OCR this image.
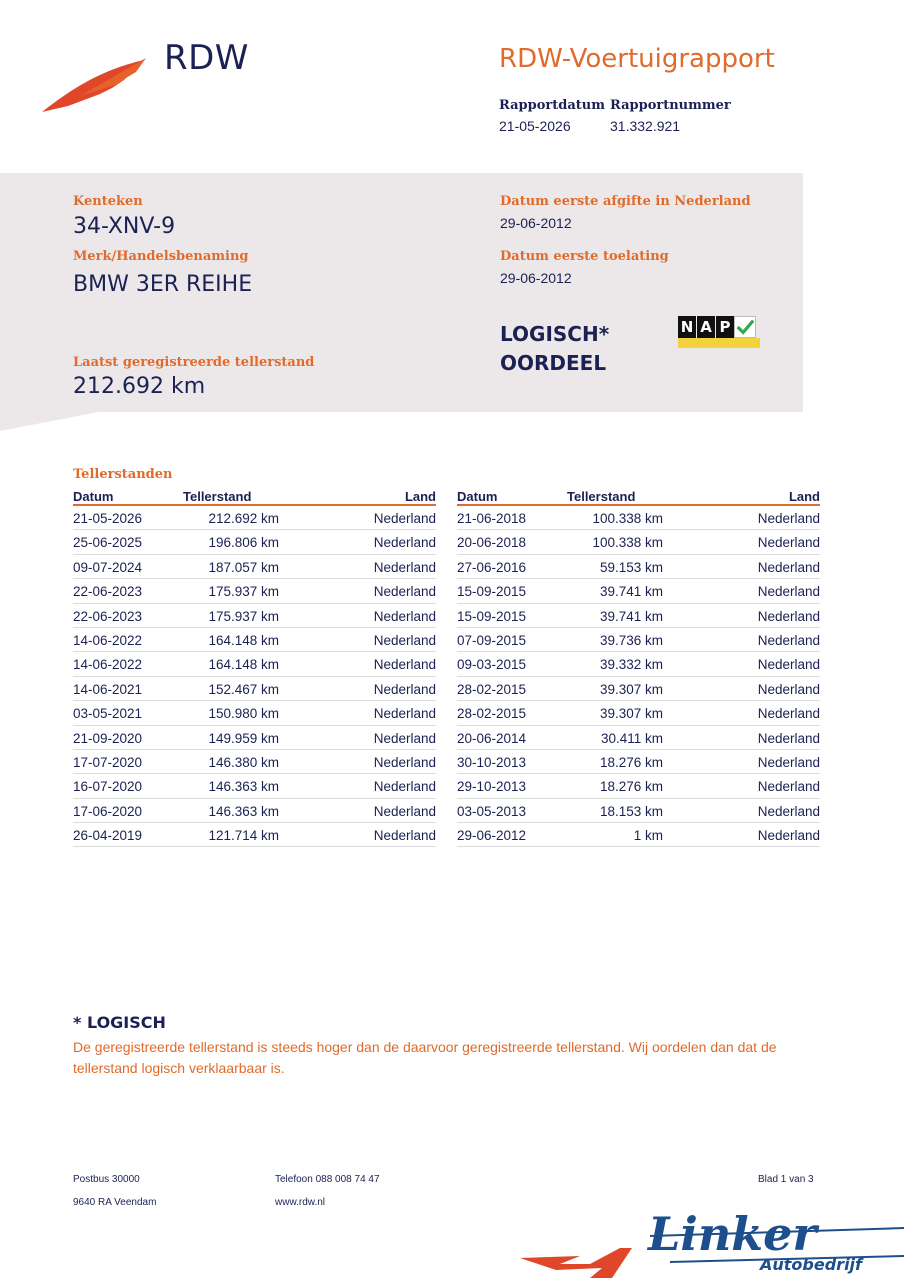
RDW	RDW-Voertuigrapport
Rapportdatum
21-05-2026
Rapportnummer
31.332.921
Kenteken
34-XNV-9
Merk/Handelsbenaming
BMW 3ER REIHE
Laatst geregistreerde tellerstand
212.692 km
Datum eerste afgifte in Nederland
29-06-2012
Datum eerste toelating
29-06-2012
LOGISCH*
OORDEEL
N A P
Tellerstanden
Datum	Tellerstand	Land
21-05-2026	212.692 km	Nederland
25-06-2025	196.806 km	Nederland
09-07-2024	187.057 km	Nederland
22-06-2023	175.937 km	Nederland
22-06-2023	175.937 km	Nederland
14-06-2022	164.148 km	Nederland
14-06-2022	164.148 km	Nederland
14-06-2021	152.467 km	Nederland
03-05-2021	150.980 km	Nederland
21-09-2020	149.959 km	Nederland
17-07-2020	146.380 km	Nederland
16-07-2020	146.363 km	Nederland
17-06-2020	146.363 km	Nederland
26-04-2019	121.714 km	Nederland
Datum	Tellerstand	Land
21-06-2018	100.338 km	Nederland
20-06-2018	100.338 km	Nederland
27-06-2016	59.153 km	Nederland
15-09-2015	39.741 km	Nederland
15-09-2015	39.741 km	Nederland
07-09-2015	39.736 km	Nederland
09-03-2015	39.332 km	Nederland
28-02-2015	39.307 km	Nederland
28-02-2015	39.307 km	Nederland
20-06-2014	30.411 km	Nederland
30-10-2013	18.276 km	Nederland
29-10-2013	18.276 km	Nederland
03-05-2013	18.153 km	Nederland
29-06-2012	1 km	Nederland
* LOGISCH
De geregistreerde tellerstand is steeds hoger dan de daarvoor geregistreerde tellerstand. Wij oordelen dan dat de tellerstand logisch verklaarbaar is.
Postbus 30000
9640 RA Veendam
Telefoon 088 008 74 47
www.rdw.nl
Blad 1 van 3
Linker
Autobedrijf
